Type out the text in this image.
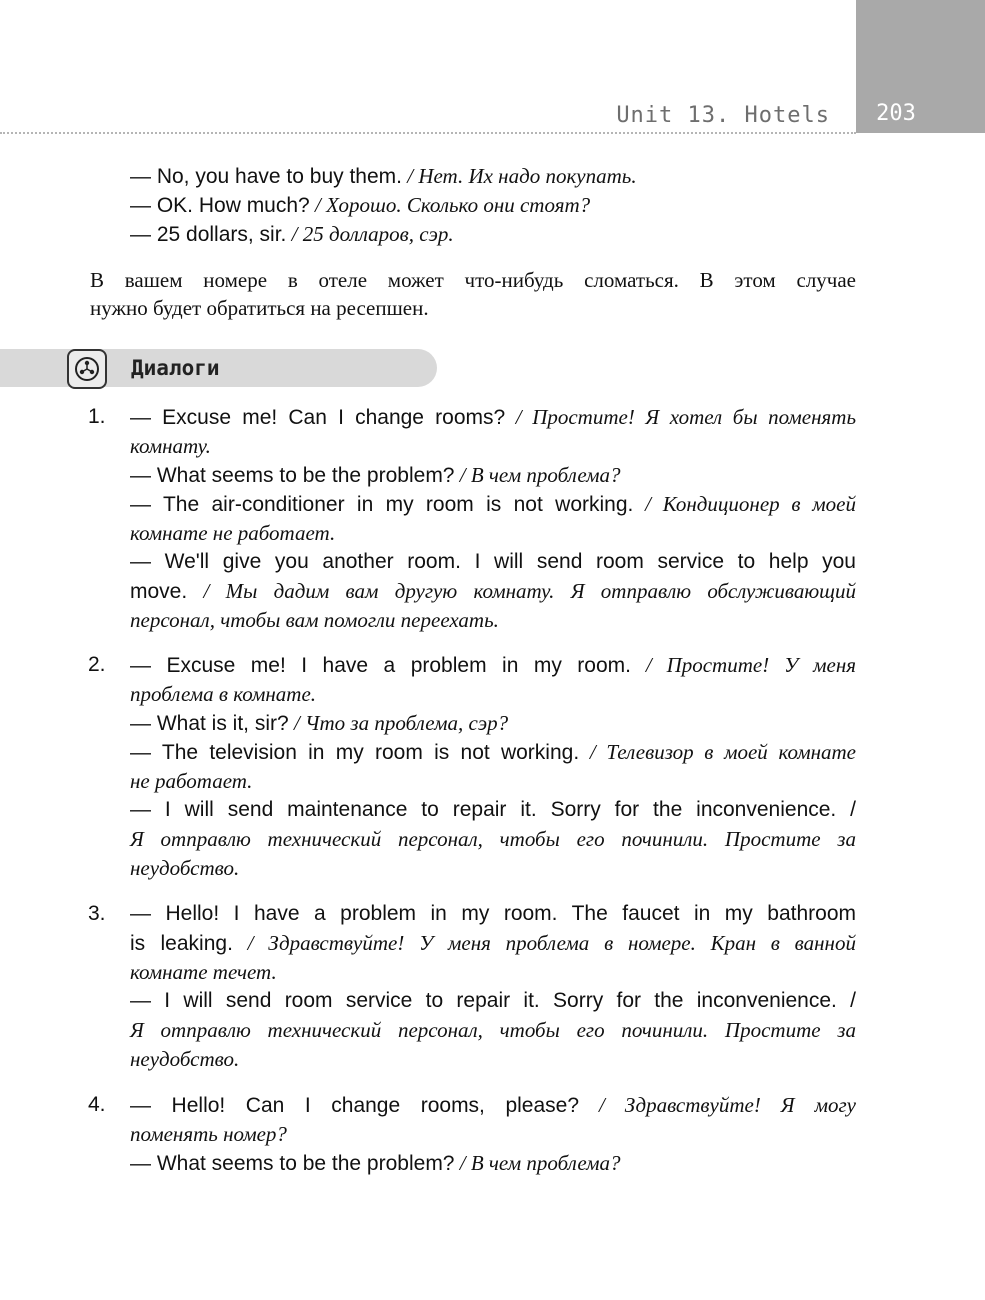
203
Unit 13. Hotels
— No, you have to buy them. / Нет. Их надо покупать.
— OK. How much? / Хорошо. Сколько они стоят?
— 25 dollars, sir. / 25 долларов, сэр.
В вашем номере в отеле может что-нибудь сломаться. В этом случае
нужно будет обратиться на ресепшен.
Диалоги
1. — Excuse me! Can I change rooms? / Простите! Я хотел бы поменять
комнату.
— What seems to be the problem? / В чем проблема?
— The air-conditioner in my room is not working. / Кондиционер в моей
комнате не работает.
— We'll give you another room. I will send room service to help you
move. / Мы дадим вам другую комнату. Я отправлю обслуживающий
персонал, чтобы вам помогли переехать.
2. — Excuse me! I have a problem in my room. / Простите! У меня
проблема в комнате.
— What is it, sir? / Что за проблема, сэр?
— The television in my room is not working. / Телевизор в моей комнате
не работает.
— I will send maintenance to repair it. Sorry for the inconvenience. /
Я отправлю технический персонал, чтобы его починили. Простите за
неудобство.
3. — Hello! I have a problem in my room. The faucet in my bathroom
is leaking. / Здравствуйте! У меня проблема в номере. Кран в ванной
комнате течет.
— I will send room service to repair it. Sorry for the inconvenience. /
Я отправлю технический персонал, чтобы его починили. Простите за
неудобство.
4. — Hello! Can I change rooms, please? / Здравствуйте! Я могу
поменять номер?
— What seems to be the problem? / В чем проблема?
